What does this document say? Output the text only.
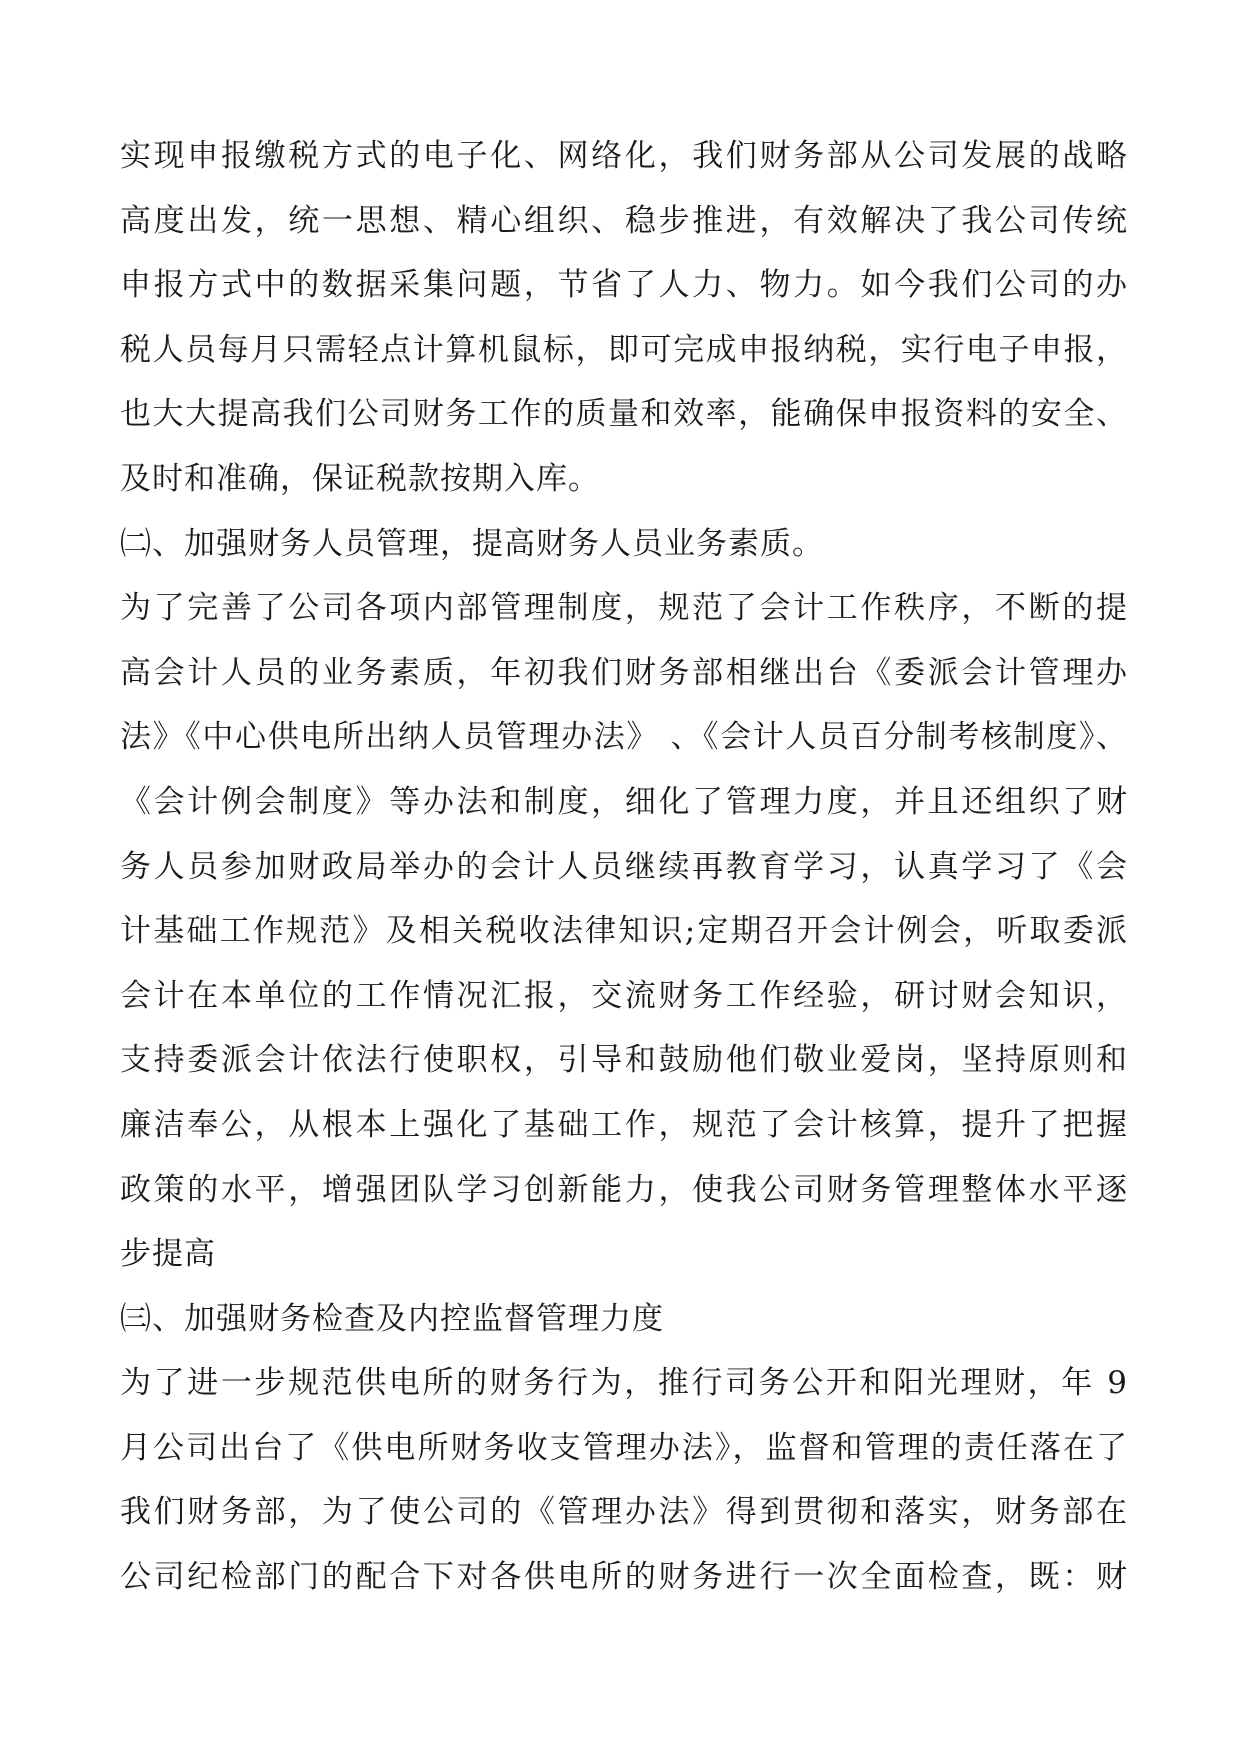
实现申报缴税方式的电子化、网络化，我们财务部从公司发展的战略
高度出发，统一思想、精心组织、稳步推进，有效解决了我公司传统
申报方式中的数据采集问题，节省了人力、物力。如今我们公司的办
税人员每月只需轻点计算机鼠标，即可完成申报纳税，实行电子申报，
也大大提高我们公司财务工作的质量和效率，能确保申报资料的安全、
及时和准确，保证税款按期入库。
㈡、加强财务人员管理，提高财务人员业务素质。
为了完善了公司各项内部管理制度，规范了会计工作秩序，不断的提
高会计人员的业务素质，年初我们财务部相继出台《委派会计管理办
法》《中心供电所出纳人员管理办法》 、《会计人员百分制考核制度》、
《会计例会制度》等办法和制度，细化了管理力度，并且还组织了财
务人员参加财政局举办的会计人员继续再教育学习，认真学习了《会
计基础工作规范》及相关税收法律知识;定期召开会计例会，听取委派
会计在本单位的工作情况汇报，交流财务工作经验，研讨财会知识，
支持委派会计依法行使职权，引导和鼓励他们敬业爱岗，坚持原则和
廉洁奉公，从根本上强化了基础工作，规范了会计核算，提升了把握
政策的水平，增强团队学习创新能力，使我公司财务管理整体水平逐
步提高
㈢、加强财务检查及内控监督管理力度
为了进一步规范供电所的财务行为，推行司务公开和阳光理财，年 9
月公司出台了《供电所财务收支管理办法》，监督和管理的责任落在了
我们财务部，为了使公司的《管理办法》得到贯彻和落实，财务部在
公司纪检部门的配合下对各供电所的财务进行一次全面检查，既：财
